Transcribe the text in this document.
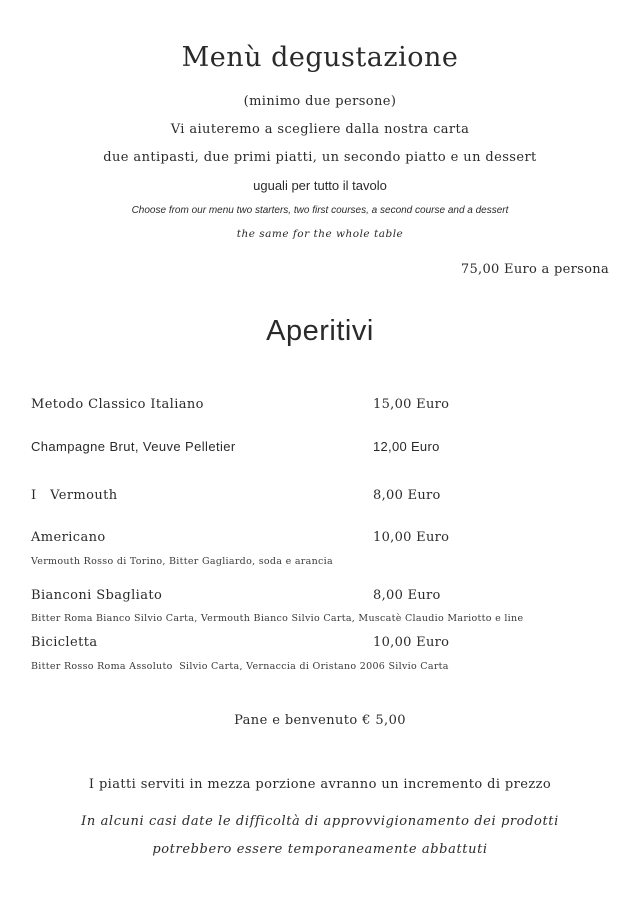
Menù degustazione
(minimo due persone)
Vi aiuteremo a scegliere dalla nostra carta
due antipasti, due primi piatti, un secondo piatto e un dessert
uguali per tutto il tavolo
Choose from our menu two starters, two first courses, a second course and a dessert
the same for the whole table
75,00 Euro a persona
Aperitivi
Metodo Classico Italiano	15,00 Euro
Champagne Brut, Veuve Pelletier	12,00 Euro
I   Vermouth	8,00 Euro
Americano	10,00 Euro
Vermouth Rosso di Torino, Bitter Gagliardo, soda e arancia
Bianconi Sbagliato	8,00 Euro
Bitter Roma Bianco Silvio Carta, Vermouth Bianco Silvio Carta, Muscatè Claudio Mariotto e line
Bicicletta	10,00 Euro
Bitter Rosso Roma Assoluto  Silvio Carta, Vernaccia di Oristano 2006 Silvio Carta
Pane e benvenuto € 5,00
I piatti serviti in mezza porzione avranno un incremento di prezzo
In alcuni casi date le difficoltà di approvvigionamento dei prodotti
potrebbero essere temporaneamente abbattuti
